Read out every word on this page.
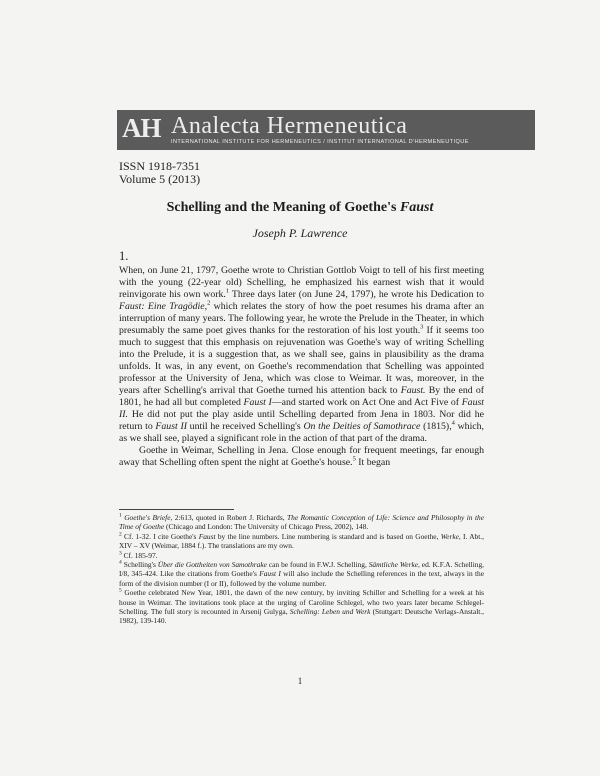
AH Analecta Hermeneutica
INTERNATIONAL INSTITUTE FOR HERMENEUTICS / INSTITUT INTERNATIONAL D'HERMENEUTIQUE
ISSN 1918-7351
Volume 5 (2013)
Schelling and the Meaning of Goethe's Faust
Joseph P. Lawrence
1.

When, on June 21, 1797, Goethe wrote to Christian Gottlob Voigt to tell of his first meeting with the young (22-year old) Schelling, he emphasized his earnest wish that it would reinvigorate his own work.$^1$ Three days later (on June 24, 1797), he wrote his Dedication to Faust: Eine Tragödie,$^2$ which relates the story of how the poet resumes his drama after an interruption of many years. The following year, he wrote the Prelude in the Theater, in which presumably the same poet gives thanks for the restoration of his lost youth.$^3$ If it seems too much to suggest that this emphasis on rejuvenation was Goethe's way of writing Schelling into the Prelude, it is a suggestion that, as we shall see, gains in plausibility as the drama unfolds. It was, in any event, on Goethe's recommendation that Schelling was appointed professor at the University of Jena, which was close to Weimar. It was, moreover, in the years after Schelling's arrival that Goethe turned his attention back to Faust. By the end of 1801, he had all but completed Faust I—and started work on Act One and Act Five of Faust II. He did not put the play aside until Schelling departed from Jena in 1803. Nor did he return to Faust II until he received Schelling's On the Deities of Samothrace (1815),$^4$ which, as we shall see, played a significant role in the action of that part of the drama.

Goethe in Weimar, Schelling in Jena. Close enough for frequent meetings, far enough away that Schelling often spent the night at Goethe's house.$^5$ It began

$^1$ Goethe's Briefe, 2:613, quoted in Robert J. Richards, The Romantic Conception of Life: Science and Philosophy in the Time of Goethe (Chicago and London: The University of Chicago Press, 2002), 148.

$^2$ Cf. 1-32. I cite Goethe's Faust by the line numbers. Line numbering is standard and is based on Goethe, Werke, I. Abt., XIV – XV (Weimar, 1884 f.). The translations are my own.

$^3$ Cf. 185-97.

$^4$ Schelling's Über die Gottheiten von Samothrake can be found in F.W.J. Schelling, Sämtliche Werke, ed. K.F.A. Schelling, I/8, 345-424. Like the citations from Goethe's Faust I will also include the Schelling references in the text, always in the form of the division number (I or II), followed by the volume number.

$^5$ Goethe celebrated New Year, 1801, the dawn of the new century, by inviting Schiller and Schelling for a week at his house in Weimar. The invitations took place at the urging of Caroline Schlegel, who two years later became Schlegel-Schelling. The full story is recounted in Arsenij Gulyga, Schelling: Leben und Werk (Stuttgart: Deutsche Verlags-Anstalt., 1982), 139-140.

1
